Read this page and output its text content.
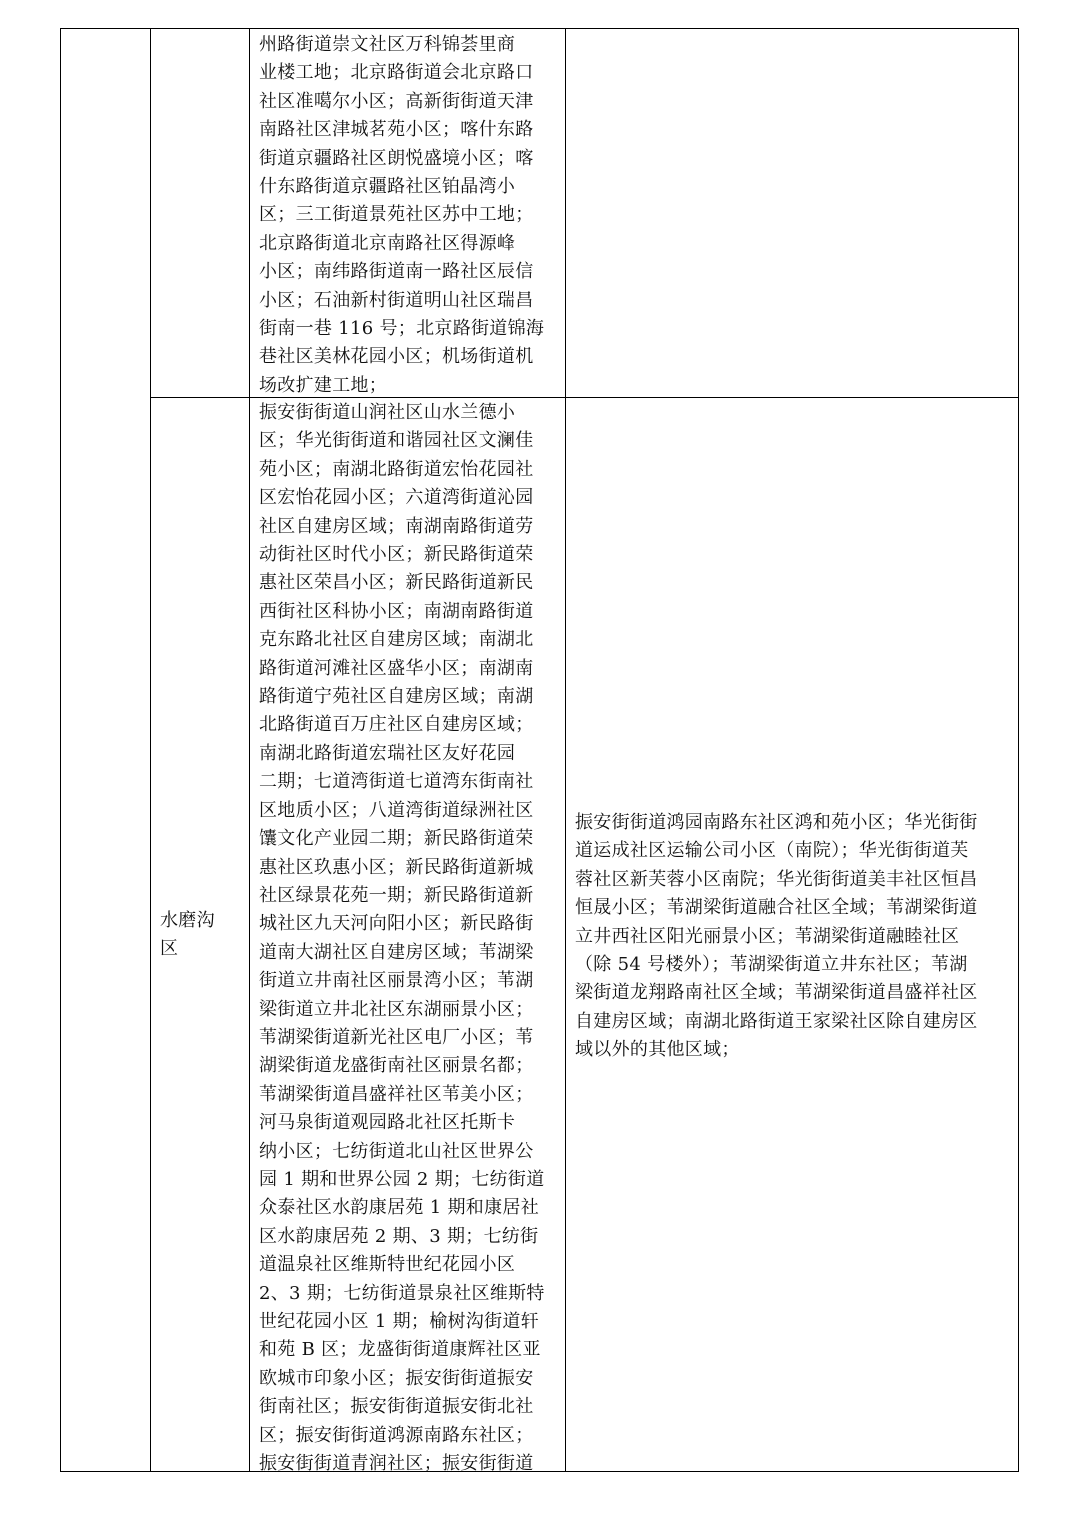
州路街道崇文社区万科锦荟里商
业楼工地；北京路街道会北京路口
社区准噶尔小区；高新街街道天津
南路社区津城茗苑小区；喀什东路
街道京疆路社区朗悦盛境小区；喀
什东路街道京疆路社区铂晶湾小
区；三工街道景苑社区苏中工地；
北京路街道北京南路社区得源峰
小区；南纬路街道南一路社区辰信
小区；石油新村街道明山社区瑞昌
街南一巷 116 号；北京路街道锦海
巷社区美林花园小区；机场街道机
场改扩建工地；
水磨沟
区
振安街街道山润社区山水兰德小
区；华光街街道和谐园社区文澜佳
苑小区；南湖北路街道宏怡花园社
区宏怡花园小区；六道湾街道沁园
社区自建房区域；南湖南路街道劳
动街社区时代小区；新民路街道荣
惠社区荣昌小区；新民路街道新民
西街社区科协小区；南湖南路街道
克东路北社区自建房区域；南湖北
路街道河滩社区盛华小区；南湖南
路街道宁苑社区自建房区域；南湖
北路街道百万庄社区自建房区域；
南湖北路街道宏瑞社区友好花园
二期；七道湾街道七道湾东街南社
区地质小区；八道湾街道绿洲社区
馕文化产业园二期；新民路街道荣
惠社区玖惠小区；新民路街道新城
社区绿景花苑一期；新民路街道新
城社区九天河向阳小区；新民路街
道南大湖社区自建房区域；苇湖梁
街道立井南社区丽景湾小区；苇湖
梁街道立井北社区东湖丽景小区；
苇湖梁街道新光社区电厂小区；苇
湖梁街道龙盛街南社区丽景名都；
苇湖梁街道昌盛祥社区苇美小区；
河马泉街道观园路北社区托斯卡
纳小区；七纺街道北山社区世界公
园 1 期和世界公园 2 期；七纺街道
众泰社区水韵康居苑 1 期和康居社
区水韵康居苑 2 期、3 期；七纺街
道温泉社区维斯特世纪花园小区
2、3 期；七纺街道景泉社区维斯特
世纪花园小区 1 期；榆树沟街道轩
和苑 B 区；龙盛街街道康辉社区亚
欧城市印象小区；振安街街道振安
街南社区；振安街街道振安街北社
区；振安街街道鸿源南路东社区；
振安街街道青润社区；振安街街道
振安街街道鸿园南路东社区鸿和苑小区；华光街街
道运成社区运输公司小区（南院）；华光街街道芙
蓉社区新芙蓉小区南院；华光街街道美丰社区恒昌
恒晟小区；苇湖梁街道融合社区全域；苇湖梁街道
立井西社区阳光丽景小区；苇湖梁街道融睦社区
（除 54 号楼外）；苇湖梁街道立井东社区；苇湖
梁街道龙翔路南社区全域；苇湖梁街道昌盛祥社区
自建房区域；南湖北路街道王家梁社区除自建房区
域以外的其他区域；
